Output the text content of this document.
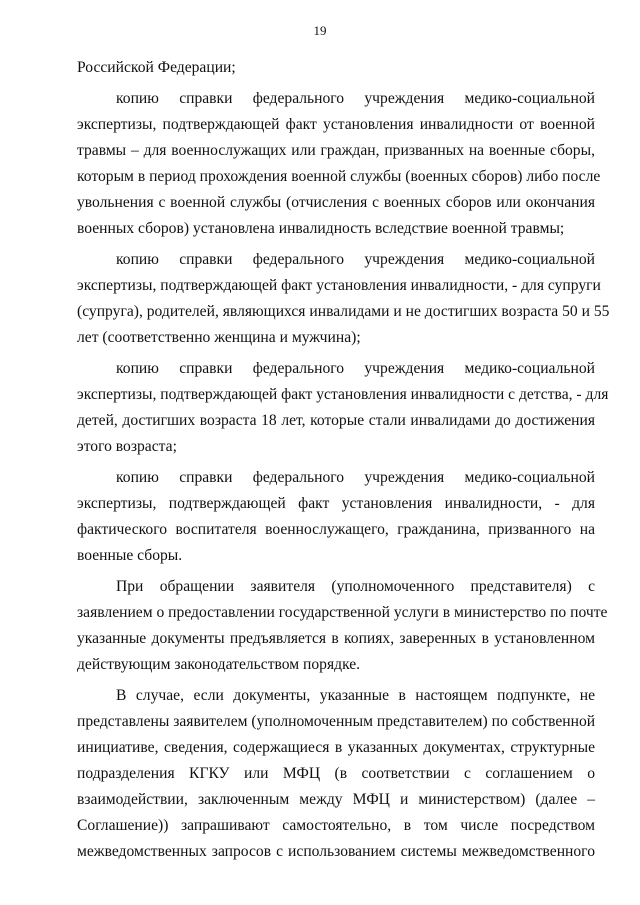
19
Российской Федерации;
копию справки федерального учреждения медико-социальной
экспертизы, подтверждающей факт установления инвалидности от военной
травмы – для военнослужащих или граждан, призванных на военные сборы,
которым в период прохождения военной службы (военных сборов) либо после
увольнения с военной службы (отчисления с военных сборов или окончания
военных сборов) установлена инвалидность вследствие военной травмы;
копию справки федерального учреждения медико-социальной
экспертизы, подтверждающей факт установления инвалидности, - для супруги
(супруга), родителей, являющихся инвалидами и не достигших возраста 50 и 55
лет (соответственно женщина и мужчина);
копию справки федерального учреждения медико-социальной
экспертизы, подтверждающей факт установления инвалидности с детства, - для
детей, достигших возраста 18 лет, которые стали инвалидами до достижения
этого возраста;
копию справки федерального учреждения медико-социальной
экспертизы, подтверждающей факт установления инвалидности, - для
фактического воспитателя военнослужащего, гражданина, призванного на
военные сборы.
При обращении заявителя (уполномоченного представителя) с
заявлением о предоставлении государственной услуги в министерство по почте
указанные документы предъявляется в копиях, заверенных в установленном
действующим законодательством порядке.
В случае, если документы, указанные в настоящем подпункте, не
представлены заявителем (уполномоченным представителем) по собственной
инициативе, сведения, содержащиеся в указанных документах, структурные
подразделения КГКУ или МФЦ (в соответствии с соглашением о
взаимодействии, заключенным между МФЦ и министерством) (далее –
Соглашение)) запрашивают самостоятельно, в том числе посредством
межведомственных запросов с использованием системы межведомственного
